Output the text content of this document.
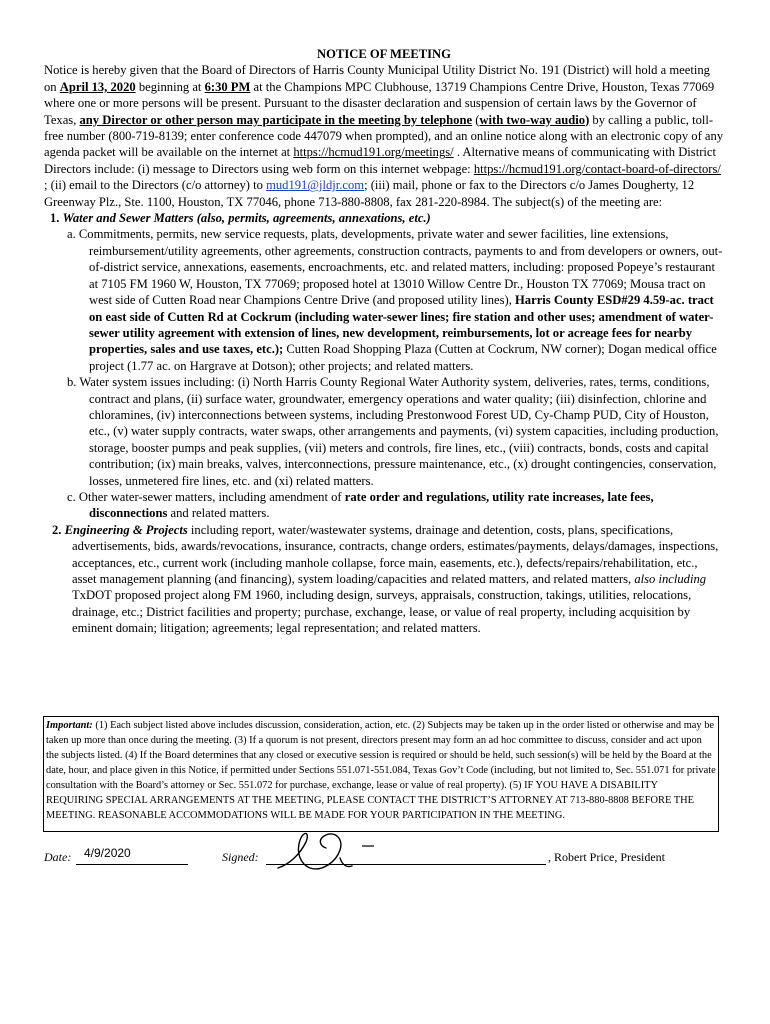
NOTICE OF MEETING

Notice is hereby given that the Board of Directors of Harris County Municipal Utility District No. 191 (District) will hold a meeting on April 13, 2020 beginning at 6:30 PM at the Champions MPC Clubhouse, 13719 Champions Centre Drive, Houston, Texas 77069 where one or more persons will be present. Pursuant to the disaster declaration and suspension of certain laws by the Governor of Texas, any Director or other person may participate in the meeting by telephone (with two-way audio) by calling a public, toll-free number (800-719-8139; enter conference code 447079 when prompted), and an online notice along with an electronic copy of any agenda packet will be available on the internet at https://hcmud191.org/meetings/ . Alternative means of communicating with District Directors include: (i) message to Directors using web form on this internet webpage: https://hcmud191.org/contact-board-of-directors/ ; (ii) email to the Directors (c/o attorney) to mud191@jldjr.com; (iii) mail, phone or fax to the Directors c/o James Dougherty, 12 Greenway Plz., Ste. 1100, Houston, TX 77046, phone 713-880-8808, fax 281-220-8984. The subject(s) of the meeting are:

1. Water and Sewer Matters (also, permits, agreements, annexations, etc.)

a. Commitments, permits, new service requests, plats, developments, private water and sewer facilities, line extensions, reimbursement/utility agreements, other agreements, construction contracts, payments to and from developers or owners, out-of-district service, annexations, easements, encroachments, etc. and related matters, including: proposed Popeye’s restaurant at 7105 FM 1960 W, Houston, TX 77069; proposed hotel at 13010 Willow Centre Dr., Houston TX 77069; Mousa tract on west side of Cutten Road near Champions Centre Drive (and proposed utility lines), Harris County ESD#29 4.59-ac. tract on east side of Cutten Rd at Cockrum (including water-sewer lines; fire station and other uses; amendment of water-sewer utility agreement with extension of lines, new development, reimbursements, lot or acreage fees for nearby properties, sales and use taxes, etc.); Cutten Road Shopping Plaza (Cutten at Cockrum, NW corner); Dogan medical office project (1.77 ac. on Hargrave at Dotson); other projects; and related matters.

b. Water system issues including: (i) North Harris County Regional Water Authority system, deliveries, rates, terms, conditions, contract and plans, (ii) surface water, groundwater, emergency operations and water quality; (iii) disinfection, chlorine and chloramines, (iv) interconnections between systems, including Prestonwood Forest UD, Cy-Champ PUD, City of Houston, etc., (v) water supply contracts, water swaps, other arrangements and payments, (vi) system capacities, including production, storage, booster pumps and peak supplies, (vii) meters and controls, fire lines, etc., (viii) contracts, bonds, costs and capital contribution; (ix) main breaks, valves, interconnections, pressure maintenance, etc., (x) drought contingencies, conservation, losses, unmetered fire lines, etc. and (xi) related matters.

c. Other water-sewer matters, including amendment of rate order and regulations, utility rate increases, late fees, disconnections and related matters.

2. Engineering & Projects including report, water/wastewater systems, drainage and detention, costs, plans, specifications, advertisements, bids, awards/revocations, insurance, contracts, change orders, estimates/payments, delays/damages, inspections, acceptances, etc., current work (including manhole collapse, force main, easements, etc.), defects/repairs/rehabilitation, etc., asset management planning (and financing), system loading/capacities and related matters, and related matters, also including TxDOT proposed project along FM 1960, including design, surveys, appraisals, construction, takings, utilities, relocations, drainage, etc.; District facilities and property; purchase, exchange, lease, or value of real property, including acquisition by eminent domain; litigation; agreements; legal representation; and related matters.

Important: (1) Each subject listed above includes discussion, consideration, action, etc. (2) Subjects may be taken up in the order listed or otherwise and may be taken up more than once during the meeting. (3) If a quorum is not present, directors present may form an ad hoc committee to discuss, consider and act upon the subjects listed. (4) If the Board determines that any closed or executive session is required or should be held, such session(s) will be held by the Board at the date, hour, and place given in this Notice, if permitted under Sections 551.071-551.084, Texas Gov’t Code (including, but not limited to, Sec. 551.071 for private consultation with the Board’s attorney or Sec. 551.072 for purchase, exchange, lease or value of real property). (5) IF YOU HAVE A DISABILITY REQUIRING SPECIAL ARRANGEMENTS AT THE MEETING, PLEASE CONTACT THE DISTRICT’S ATTORNEY AT 713-880-8808 BEFORE THE MEETING. REASONABLE ACCOMMODATIONS WILL BE MADE FOR YOUR PARTICIPATION IN THE MEETING.
Date: 4/9/2020	Signed:	, Robert Price, President
